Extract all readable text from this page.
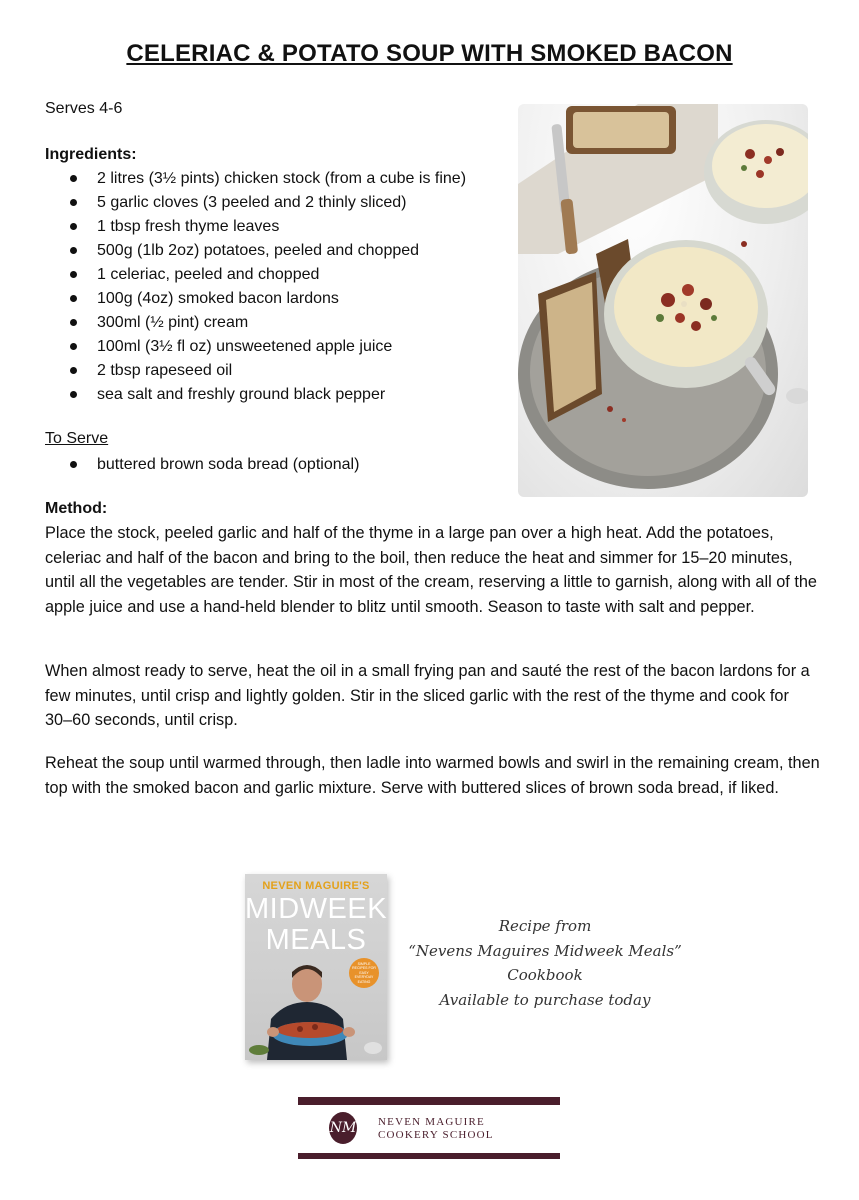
CELERIAC & POTATO SOUP WITH SMOKED BACON
Serves 4-6
Ingredients:
2 litres (3½ pints) chicken stock (from a cube is fine)
5 garlic cloves (3 peeled and 2 thinly sliced)
1 tbsp fresh thyme leaves
500g (1lb 2oz) potatoes, peeled and chopped
1 celeriac, peeled and chopped
100g (4oz) smoked bacon lardons
300ml (½ pint) cream
100ml (3½ fl oz) unsweetened apple juice
2 tbsp rapeseed oil
sea salt and freshly ground black pepper
To Serve
buttered brown soda bread (optional)
Method:

Place the stock, peeled garlic and half of the thyme in a large pan over a high heat. Add the potatoes, celeriac and half of the bacon and bring to the boil, then reduce the heat and simmer for 15–20 minutes, until all the vegetables are tender. Stir in most of the cream, reserving a little to garnish, along with all of the apple juice and use a hand-held blender to blitz until smooth. Season to taste with salt and pepper.

When almost ready to serve, heat the oil in a small frying pan and sauté the rest of the bacon lardons for a few minutes, until crisp and lightly golden. Stir in the sliced garlic with the rest of the thyme and cook for 30–60 seconds, until crisp.

Reheat the soup until warmed through, then ladle into warmed bowls and swirl in the remaining cream, then top with the smoked bacon and garlic mixture. Serve with buttered slices of brown soda bread, if liked.

NEVEN MAGUIRE'S
MIDWEEK
MEALS
SIMPLE RECIPES FOR EASY EVERYDAY EATING
Recipe from
“Nevens Maguires Midweek Meals”
Cookbook
Available to purchase today
NM NEVEN MAGUIRE
COOKERY SCHOOL
